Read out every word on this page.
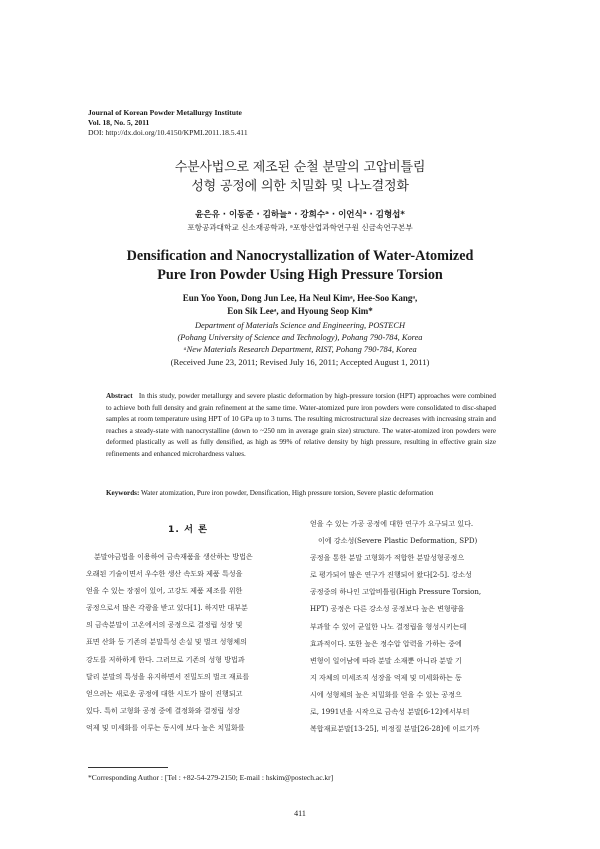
Journal of Korean Powder Metallurgy Institute
Vol. 18, No. 5, 2011
DOI: http://dx.doi.org/10.4150/KPMI.2011.18.5.411
수분사법으로 제조된 순철 분말의 고압비틀림
성형 공정에 의한 치밀화 및 나노결정화
윤은유 · 이동준 · 김하늘ᵃ · 강희수ᵃ · 이언식ᵃ · 김형섭*
포항공과대학교 신소재공학과, ᵃ포항산업과학연구원 신금속연구본부
Densification and Nanocrystallization of Water-Atomized
Pure Iron Powder Using High Pressure Torsion
Eun Yoo Yoon, Dong Jun Lee, Ha Neul Kimᵃ, Hee-Soo Kangᵃ,
Eon Sik Leeᵃ, and Hyoung Seop Kim*
Department of Materials Science and Engineering, POSTECH
(Pohang University of Science and Technology), Pohang 790-784, Korea
ᵃNew Materials Research Department, RIST, Pohang 790-784, Korea
(Received June 23, 2011; Revised July 16, 2011; Accepted August 1, 2011)
Abstract In this study, powder metallurgy and severe plastic deformation by high-pressure torsion (HPT) approaches were combined to achieve both full density and grain refinement at the same time. Water-atomized pure iron powders were consolidated to disc-shaped samples at room temperature using HPT of 10 GPa up to 3 turns. The resulting microstructural size decreases with increasing strain and reaches a steady-state with nanocrystalline (down to ~250 nm in average grain size) structure. The water-atomized iron powders were deformed plastically as well as fully densified, as high as 99% of relative density by high pressure, resulting in effective grain size refinements and enhanced microhardness values.
Keywords: Water atomization, Pure iron powder, Densification, High pressure torsion, Severe plastic deformation
1. 서 론
분말야금법을 이용하여 금속재품을 생산하는 방법은
오래된 기술이면서 우수한 생산 속도와 제품 특성을
얻을 수 있는 장점이 있어, 고강도 제품 제조를 위한
공정으로서 많은 각광을 받고 있다[1]. 하지만 대부분
의 금속분말이 고온에서의 공정으로 결정립 성장 및
표면 산화 등 기존의 분말특성 손실 및 벌크 성형체의
강도를 저하하게 한다. 그러므로 기존의 성형 방법과
달리 분말의 특성을 유지하면서 진밀도의 벌크 재료를
얻으려는 새로운 공정에 대한 시도가 많이 진행되고
있다. 특히 고형화 공정 중에 결정화와 결정립 성장
억제 및 미세화를 이루는 동시에 보다 높은 치밀화를
얻을 수 있는 가공 공정에 대한 연구가 요구되고 있다.
이에 강소성(Severe Plastic Deformation, SPD)
공정을 통한 분말 고형화가 적합한 분말성형공정으
로 평가되어 많은 연구가 진행되어 왔다[2-5]. 강소성
공정중의 하나인 고압비틀림(High Pressure Torsion,
HPT) 공정은 다른 강소성 공정보다 높은 변형량을
부과할 수 있어 균일한 나노 결정립을 형성시키는데
효과적이다. 또한 높은 정수압 압력을 가하는 중에
변형이 일어남에 따라 분말 소재뿐 아니라 분말 기
지 자체의 미세조직 성장을 억제 및 미세화하는 동
시에 성형체의 높은 치밀화를 얻을 수 있는 공정으
로, 1991년을 시작으로 금속성 분말[6-12]에서부터
복합재료분말[13-25], 비정질 분말[26-28]에 이르기까
*Corresponding Author : [Tel : +82-54-279-2150; E-mail : hskim@postech.ac.kr]
411
